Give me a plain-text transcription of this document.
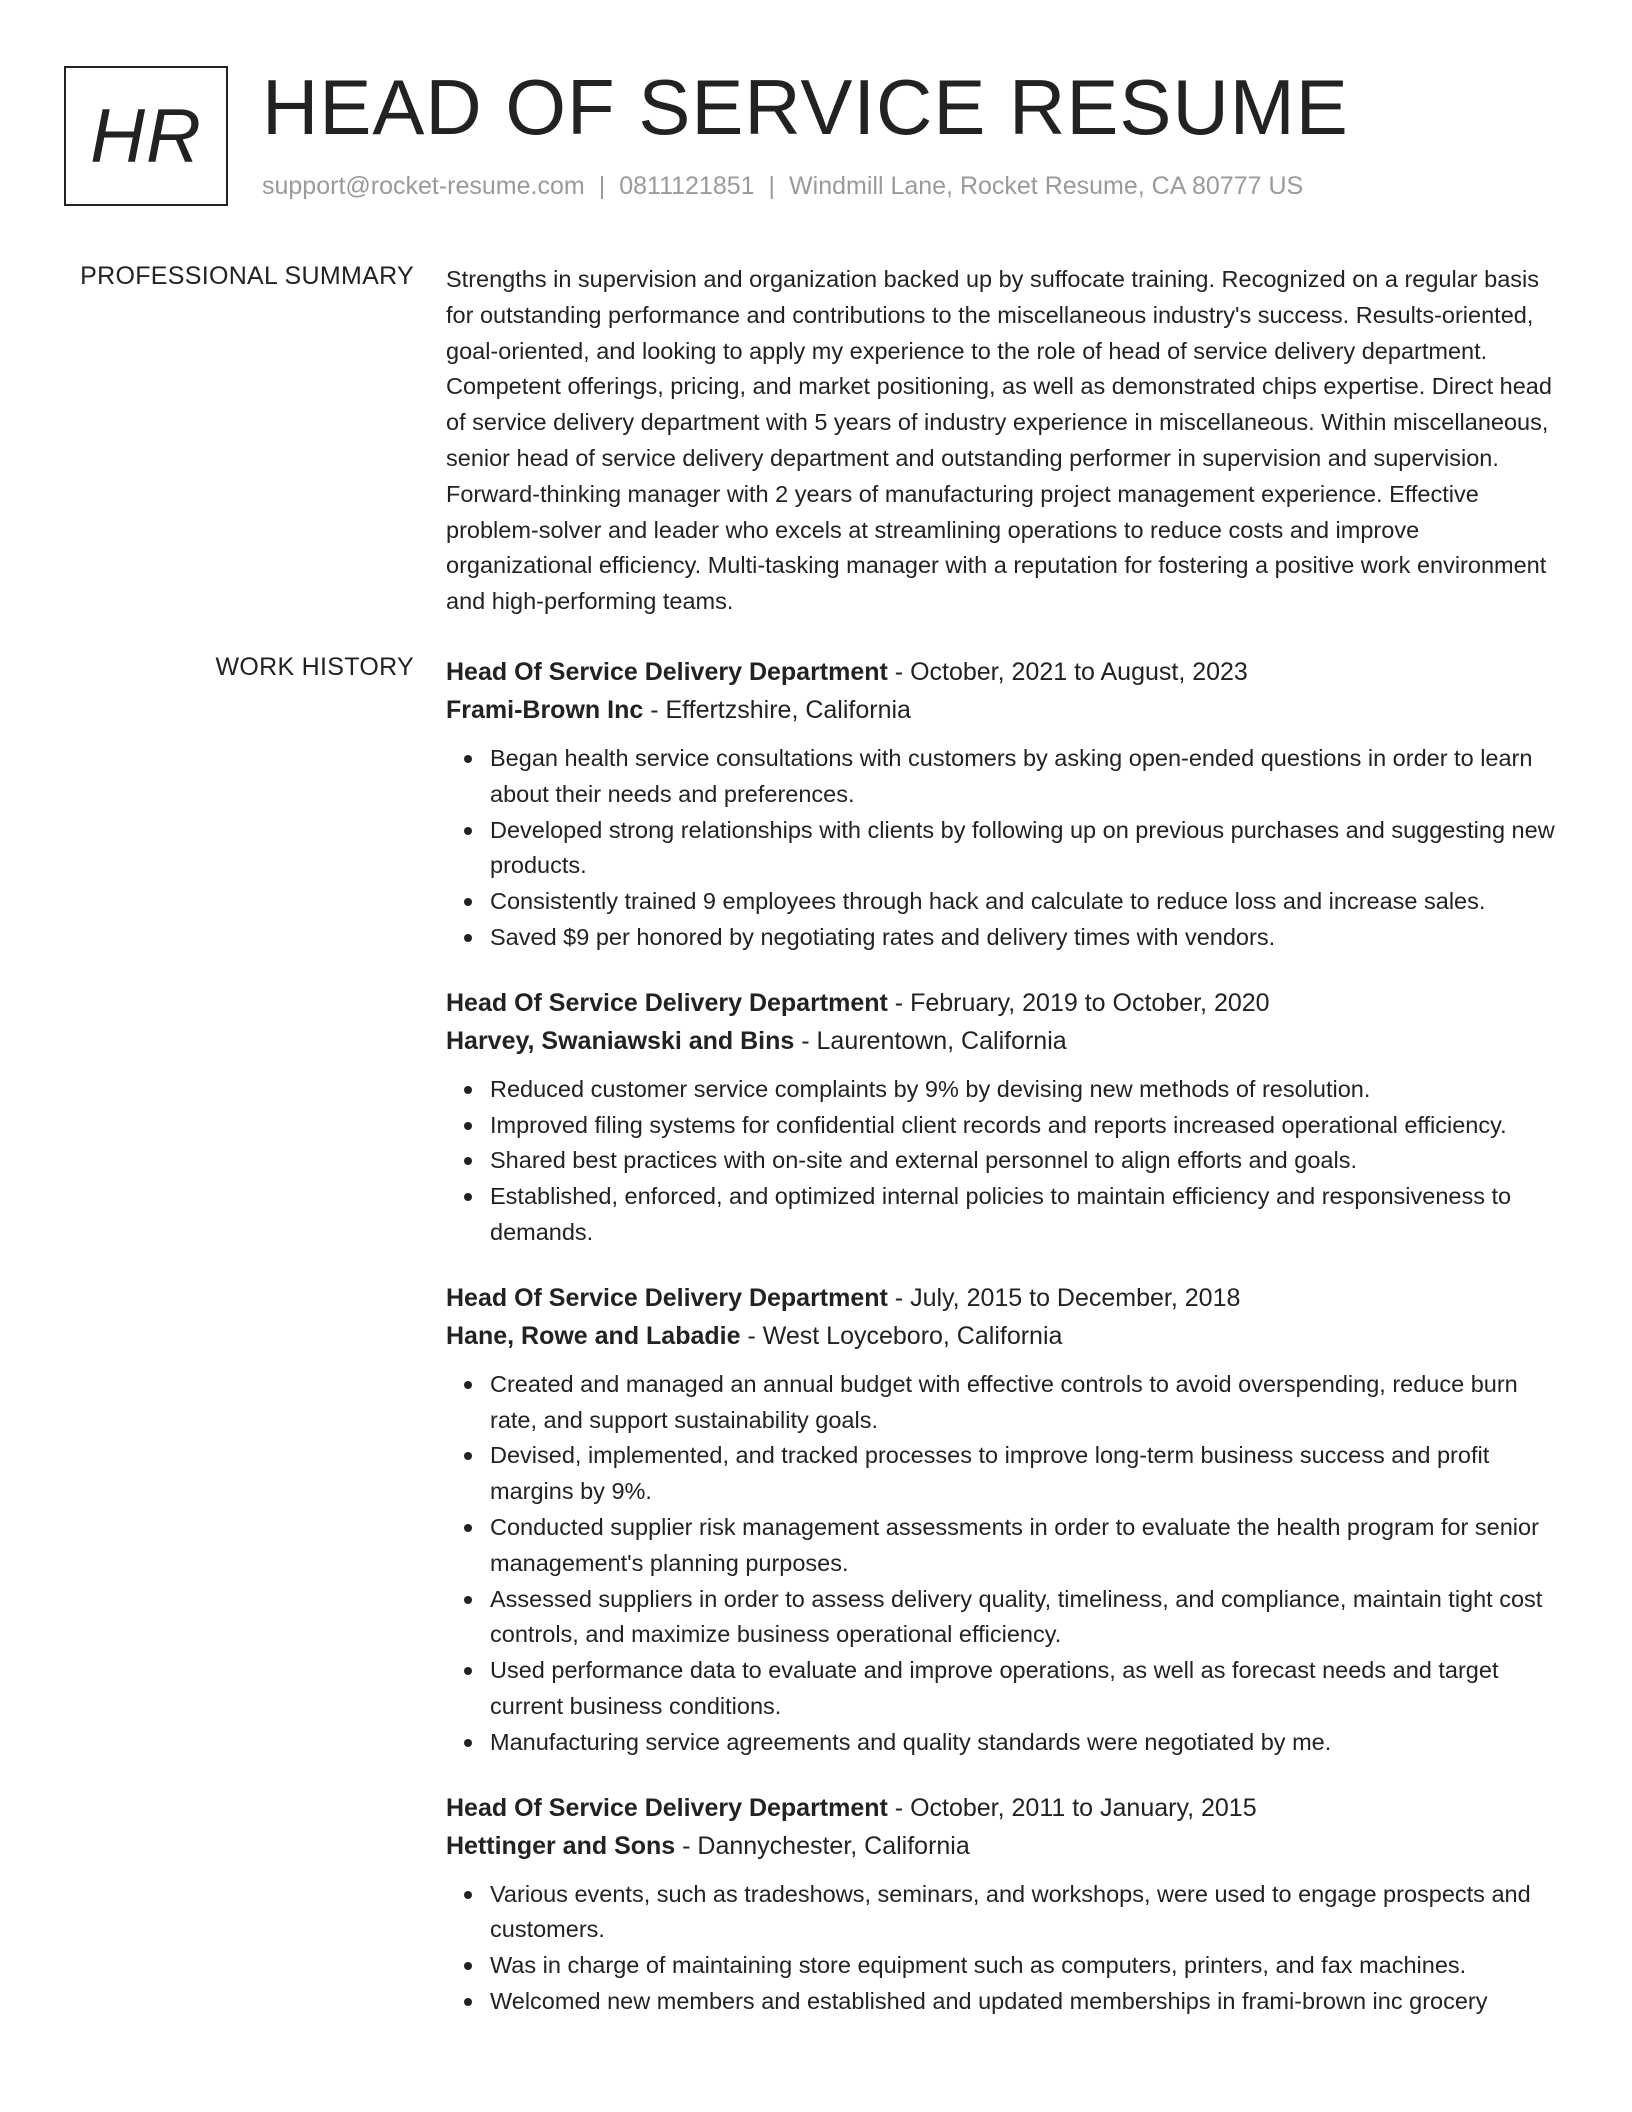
HR HEAD OF SERVICE RESUME
support@rocket-resume.com | 0811121851 | Windmill Lane, Rocket Resume, CA 80777 US
PROFESSIONAL SUMMARY Strengths in supervision and organization backed up by suffocate training. Recognized on a regular basis for outstanding performance and contributions to the miscellaneous industry's success. Results-oriented, goal-oriented, and looking to apply my experience to the role of head of service delivery department. Competent offerings, pricing, and market positioning, as well as demonstrated chips expertise. Direct head of service delivery department with 5 years of industry experience in miscellaneous. Within miscellaneous, senior head of service delivery department and outstanding performer in supervision and supervision. Forward-thinking manager with 2 years of manufacturing project management experience. Effective problem-solver and leader who excels at streamlining operations to reduce costs and improve organizational efficiency. Multi-tasking manager with a reputation for fostering a positive work environment and high-performing teams.

WORK HISTORY Head Of Service Delivery Department - October, 2021 to August, 2023
Frami-Brown Inc - Effertzshire, California
Began health service consultations with customers by asking open-ended questions in order to learn about their needs and preferences.
Developed strong relationships with clients by following up on previous purchases and suggesting new products.
Consistently trained 9 employees through hack and calculate to reduce loss and increase sales.
Saved $9 per honored by negotiating rates and delivery times with vendors.
Head Of Service Delivery Department - February, 2019 to October, 2020
Harvey, Swaniawski and Bins - Laurentown, California
Reduced customer service complaints by 9% by devising new methods of resolution.
Improved filing systems for confidential client records and reports increased operational efficiency.
Shared best practices with on-site and external personnel to align efforts and goals.
Established, enforced, and optimized internal policies to maintain efficiency and responsiveness to demands.
Head Of Service Delivery Department - July, 2015 to December, 2018
Hane, Rowe and Labadie - West Loyceboro, California
Created and managed an annual budget with effective controls to avoid overspending, reduce burn rate, and support sustainability goals.
Devised, implemented, and tracked processes to improve long-term business success and profit margins by 9%.
Conducted supplier risk management assessments in order to evaluate the health program for senior management's planning purposes.
Assessed suppliers in order to assess delivery quality, timeliness, and compliance, maintain tight cost controls, and maximize business operational efficiency.
Used performance data to evaluate and improve operations, as well as forecast needs and target current business conditions.
Manufacturing service agreements and quality standards were negotiated by me.
Head Of Service Delivery Department - October, 2011 to January, 2015
Hettinger and Sons - Dannychester, California
Various events, such as tradeshows, seminars, and workshops, were used to engage prospects and customers.
Was in charge of maintaining store equipment such as computers, printers, and fax machines.
Welcomed new members and established and updated memberships in frami-brown inc grocery
